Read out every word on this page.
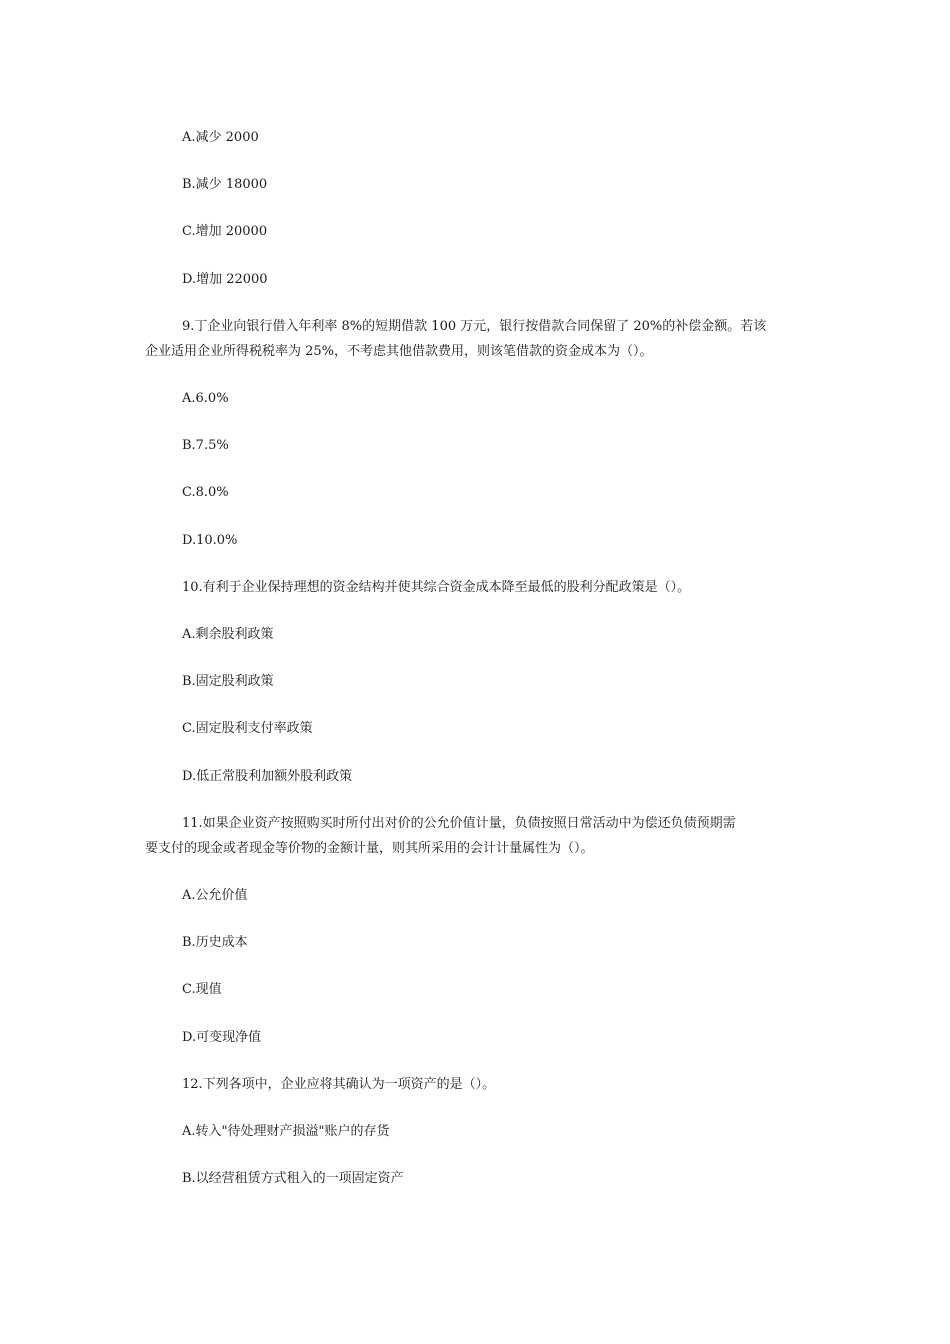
A.减少 2000
B.减少 18000
C.增加 20000
D.增加 22000
9.丁企业向银行借入年利率 8%的短期借款 100 万元，银行按借款合同保留了 20%的补偿金额。若该
企业适用企业所得税税率为 25%，不考虑其他借款费用，则该笔借款的资金成本为（）。
A.6.0%
B.7.5%
C.8.0%
D.10.0%
10.有利于企业保持理想的资金结构并使其综合资金成本降至最低的股利分配政策是（）。
A.剩余股利政策
B.固定股利政策
C.固定股利支付率政策
D.低正常股利加额外股利政策
11.如果企业资产按照购买时所付出对价的公允价值计量，负债按照日常活动中为偿还负债预期需
要支付的现金或者现金等价物的金额计量，则其所采用的会计计量属性为（）。
A.公允价值
B.历史成本
C.现值
D.可变现净值
12.下列各项中，企业应将其确认为一项资产的是（）。
A.转入"待处理财产损溢"账户的存货
B.以经营租赁方式租入的一项固定资产
